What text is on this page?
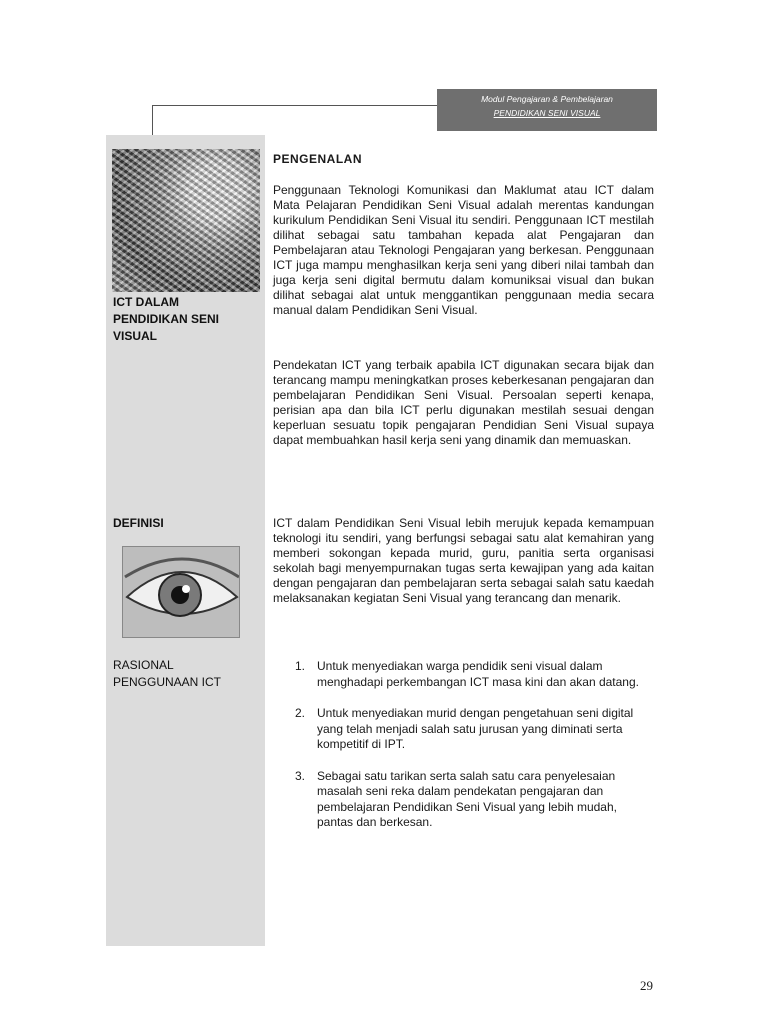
Modul Pengajaran & Pembelajaran
PENDIDIKAN SENI VISUAL
ICT DALAM PENDIDIKAN SENI VISUAL
DEFINISI
RASIONAL PENGGUNAAN ICT
PENGENALAN

Penggunaan Teknologi Komunikasi dan Maklumat atau ICT dalam Mata Pelajaran Pendidikan Seni Visual adalah merentas kandungan kurikulum Pendidikan Seni Visual itu sendiri. Penggunaan ICT mestilah dilihat sebagai satu tambahan kepada alat Pengajaran dan Pembelajaran atau Teknologi Pengajaran yang berkesan. Penggunaan ICT juga mampu menghasilkan kerja seni yang diberi nilai tambah dan juga kerja seni digital bermutu dalam komuniksai visual dan bukan dilihat sebagai alat untuk menggantikan penggunaan media secara manual dalam Pendidikan Seni Visual.

Pendekatan ICT yang terbaik apabila ICT digunakan secara bijak dan terancang mampu meningkatkan proses keberkesanan pengajaran dan pembelajaran Pendidikan Seni Visual. Persoalan seperti kenapa, perisian apa dan bila ICT perlu digunakan mestilah sesuai dengan keperluan sesuatu topik pengajaran Pendidian Seni Visual supaya dapat membuahkan hasil kerja seni yang dinamik dan memuaskan.

ICT dalam Pendidikan Seni Visual lebih merujuk kepada kemampuan teknologi itu sendiri, yang berfungsi sebagai satu alat kemahiran yang memberi sokongan kepada murid, guru, panitia serta organisasi sekolah bagi menyempurnakan tugas serta kewajipan yang ada kaitan dengan pengajaran dan pembelajaran serta sebagai salah satu kaedah melaksanakan kegiatan Seni Visual yang terancang dan menarik.

1. Untuk menyediakan warga pendidik seni visual dalam menghadapi perkembangan ICT masa kini dan akan datang.
2. Untuk menyediakan murid dengan pengetahuan seni digital yang telah menjadi salah satu jurusan yang diminati serta kompetitif di IPT.
3. Sebagai satu tarikan serta salah satu cara penyelesaian masalah seni reka dalam pendekatan pengajaran dan pembelajaran Pendidikan Seni Visual yang lebih mudah, pantas dan berkesan.
29
